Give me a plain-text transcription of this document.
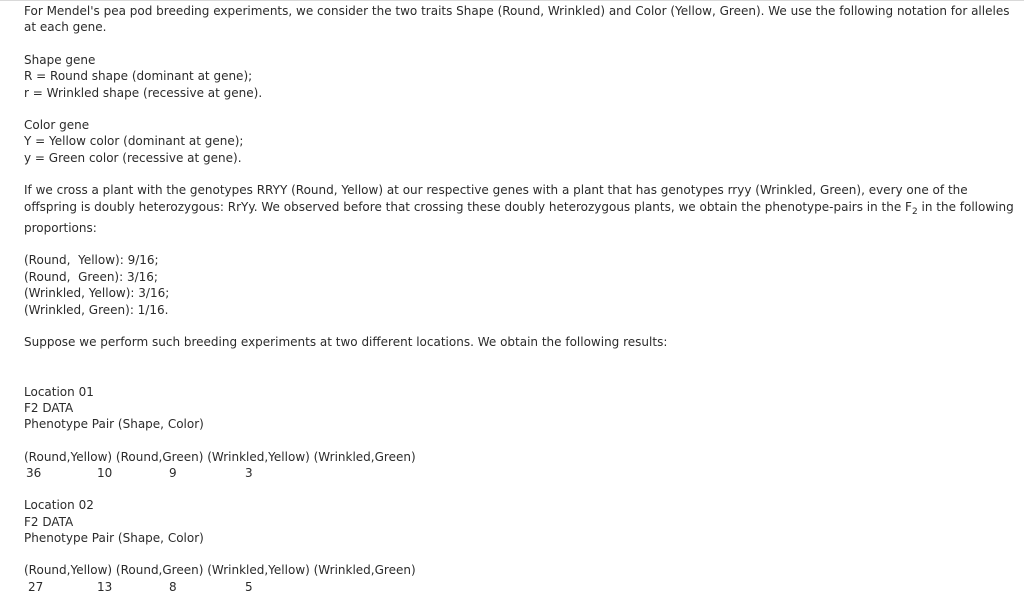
For Mendel's pea pod breeding experiments, we consider the two traits Shape (Round, Wrinkled) and Color (Yellow, Green). We use the following notation for alleles at each gene.

Shape gene

R = Round shape (dominant at gene);

r = Wrinkled shape (recessive at gene).

Color gene

Y = Yellow color (dominant at gene);

y = Green color (recessive at gene).

If we cross a plant with the genotypes RRYY (Round, Yellow) at our respective genes with a plant that has genotypes rryy (Wrinkled, Green), every one of the offspring is doubly heterozygous: RrYy. We observed before that crossing these doubly heterozygous plants, we obtain the phenotype-pairs in the $F_2$ in the following proportions:

(Round,  Yellow): 9/16;

(Round,  Green): 3/16;

(Wrinkled, Yellow): 3/16;

(Wrinkled, Green): 1/16.

Suppose we perform such breeding experiments at two different locations. We obtain the following results:

Location 01

F2 DATA

Phenotype Pair (Shape, Color)

(Round,Yellow) (Round,Green) (Wrinkled,Yellow) (Wrinkled,Green)

36	10	9	3

Location 02

F2 DATA

Phenotype Pair (Shape, Color)

(Round,Yellow) (Round,Green) (Wrinkled,Yellow) (Wrinkled,Green)

27	13	8	5
